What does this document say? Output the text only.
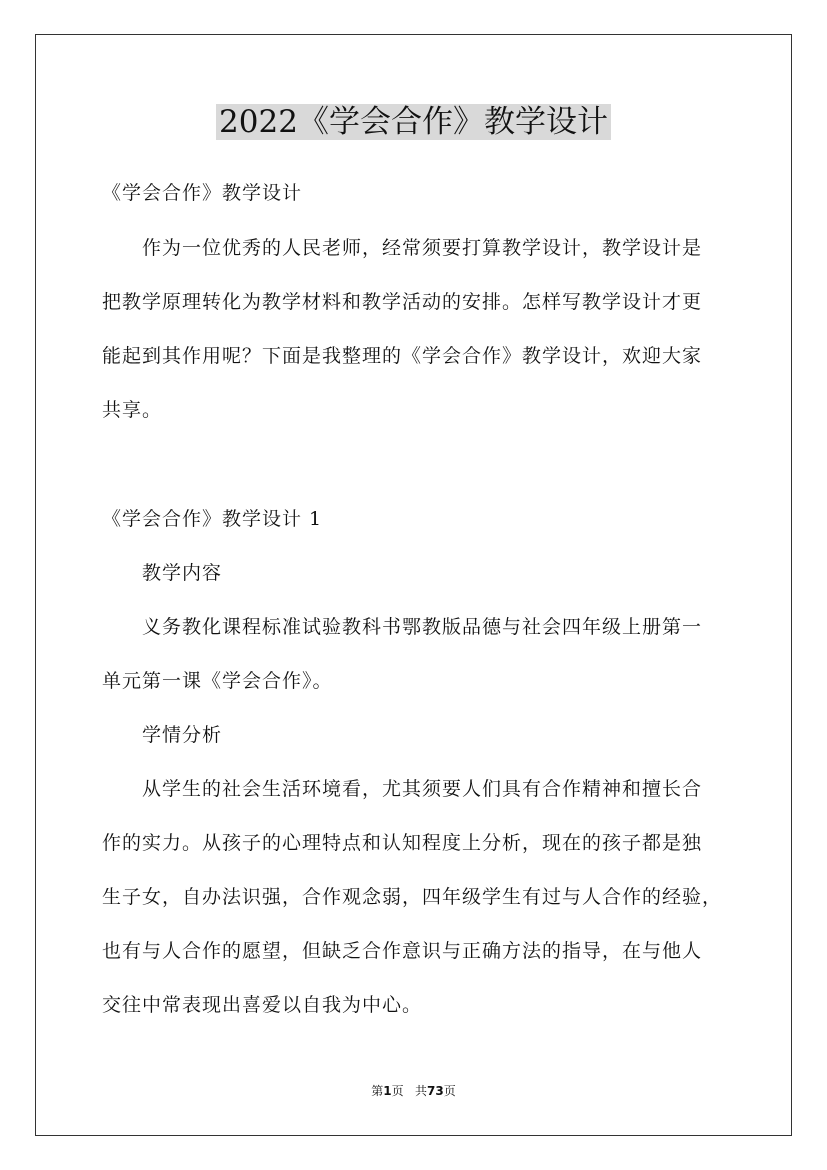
2022《学会合作》教学设计
《学会合作》教学设计
作为一位优秀的人民老师，经常须要打算教学设计，教学设计是
把教学原理转化为教学材料和教学活动的安排。怎样写教学设计才更
能起到其作用呢？下面是我整理的《学会合作》教学设计，欢迎大家
共享。
《学会合作》教学设计 1
教学内容
义务教化课程标准试验教科书鄂教版品德与社会四年级上册第一
单元第一课《学会合作》。
学情分析
从学生的社会生活环境看，尤其须要人们具有合作精神和擅长合
作的实力。从孩子的心理特点和认知程度上分析，现在的孩子都是独
生子女，自办法识强，合作观念弱，四年级学生有过与人合作的经验，
也有与人合作的愿望，但缺乏合作意识与正确方法的指导，在与他人
交往中常表现出喜爱以自我为中心。
第1页   共73页
